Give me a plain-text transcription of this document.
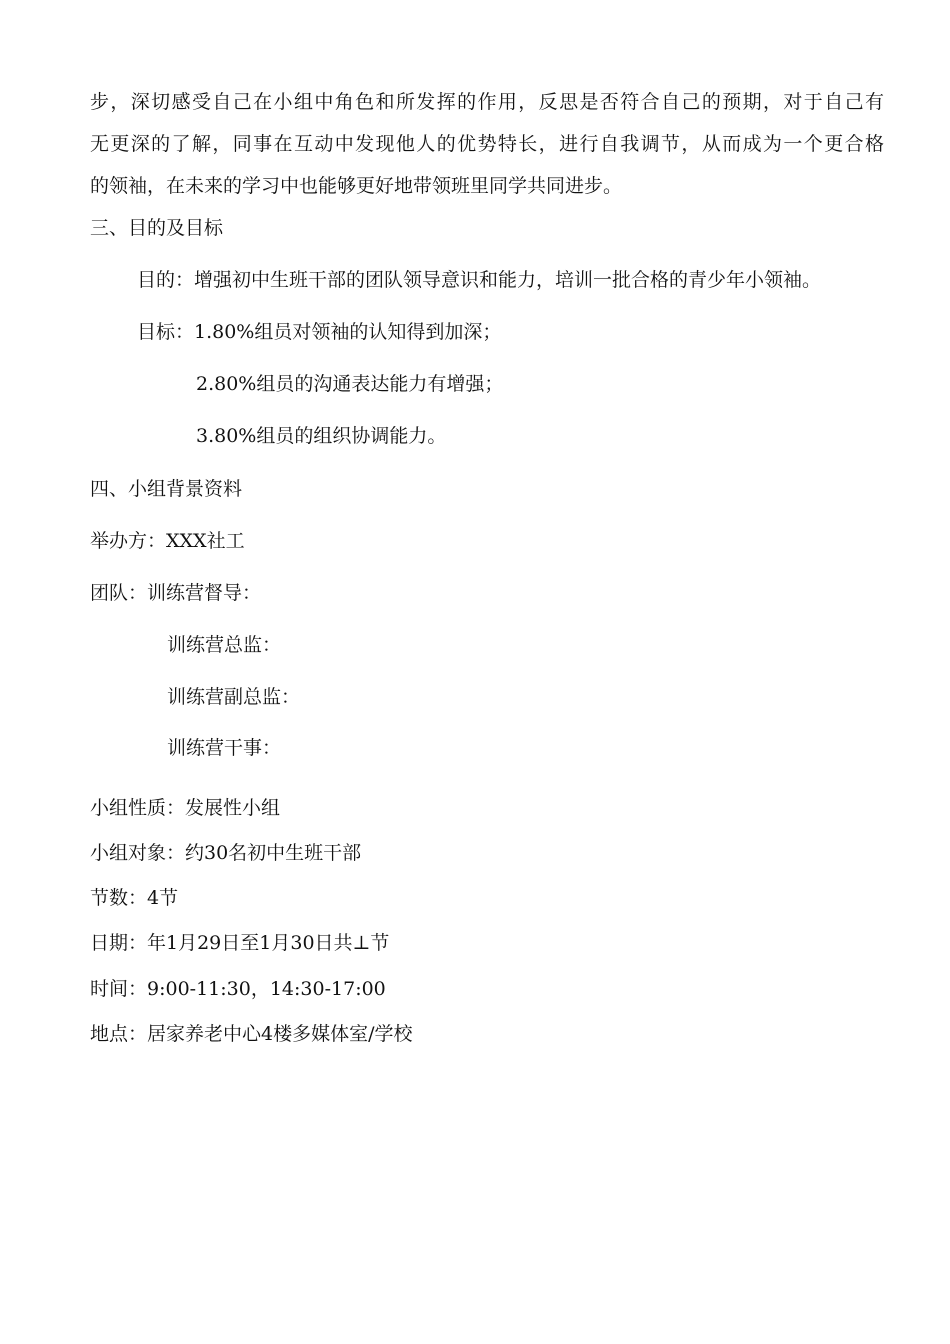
步，深切感受自己在小组中角色和所发挥的作用，反思是否符合自己的预期，对于自己有
无更深的了解，同事在互动中发现他人的优势特长，进行自我调节，从而成为一个更合格
的领袖，在未来的学习中也能够更好地带领班里同学共同进步。
三、目的及目标
目的：增强初中生班干部的团队领导意识和能力，培训一批合格的青少年小领袖。
目标：1.80%组员对领袖的认知得到加深；
2.80%组员的沟通表达能力有增强；
3.80%组员的组织协调能力。
四、小组背景资料
举办方：XXX社工
团队：训练营督导：
训练营总监：
训练营副总监：
训练营干事：
小组性质：发展性小组
小组对象：约30名初中生班干部
节数：4节
日期：年1月29日至1月30日共⊥节
时间：9:00-11:30，14:30-17:00
地点：居家养老中心4楼多媒体室/学校
